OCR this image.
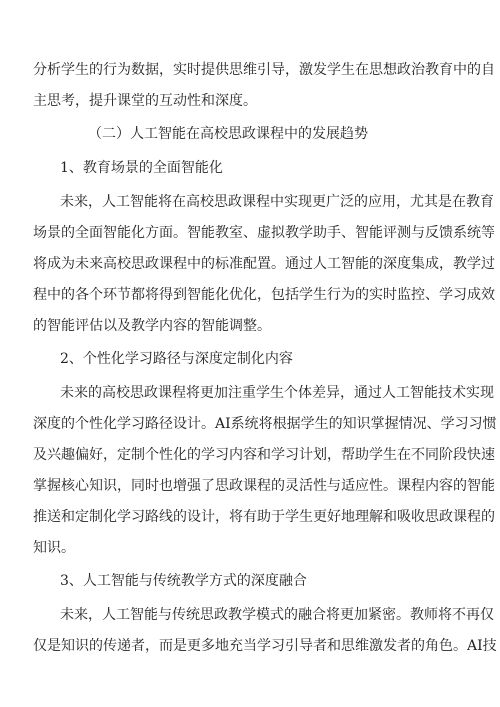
分析学生的行为数据，实时提供思维引导，激发学生在思想政治教育中的自
主思考，提升课堂的互动性和深度。
（二）人工智能在高校思政课程中的发展趋势
1、教育场景的全面智能化
未来，人工智能将在高校思政课程中实现更广泛的应用，尤其是在教育
场景的全面智能化方面。智能教室、虚拟教学助手、智能评测与反馈系统等
将成为未来高校思政课程中的标准配置。通过人工智能的深度集成，教学过
程中的各个环节都将得到智能化优化，包括学生行为的实时监控、学习成效
的智能评估以及教学内容的智能调整。
2、个性化学习路径与深度定制化内容
未来的高校思政课程将更加注重学生个体差异，通过人工智能技术实现
深度的个性化学习路径设计。AI系统将根据学生的知识掌握情况、学习习惯
及兴趣偏好，定制个性化的学习内容和学习计划，帮助学生在不同阶段快速
掌握核心知识，同时也增强了思政课程的灵活性与适应性。课程内容的智能
推送和定制化学习路线的设计，将有助于学生更好地理解和吸收思政课程的
知识。
3、人工智能与传统教学方式的深度融合
未来，人工智能与传统思政教学模式的融合将更加紧密。教师将不再仅
仅是知识的传递者，而是更多地充当学习引导者和思维激发者的角色。AI技
